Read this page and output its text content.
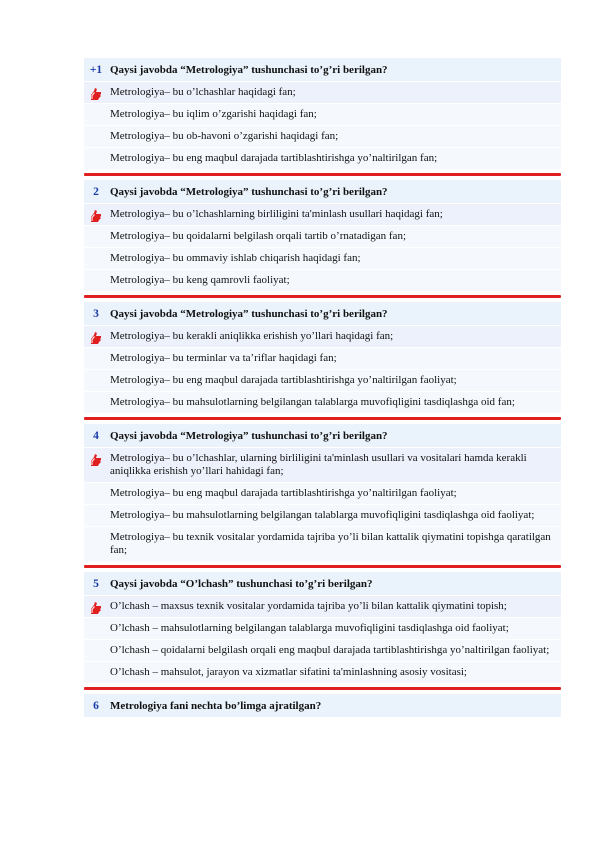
+1 Qaysi javobda “Metrologiya” tushunchasi to’g’ri berilgan?
Metrologiya– bu o’lchashlar haqidagi fan;
Metrologiya– bu iqlim o’zgarishi haqidagi fan;
Metrologiya– bu ob-havoni o’zgarishi haqidagi fan;
Metrologiya– bu eng maqbul darajada tartiblashtirishga yo’naltirilgan fan;
2	Qaysi javobda “Metrologiya” tushunchasi to’g’ri berilgan?
Metrologiya– bu o’lchashlarning birliligini ta'minlash usullari haqidagi fan;
Metrologiya– bu qoidalarni belgilash orqali tartib o’rnatadigan fan;
Metrologiya– bu ommaviy ishlab chiqarish haqidagi fan;
Metrologiya– bu keng qamrovli faoliyat;
3	Qaysi javobda “Metrologiya” tushunchasi to’g’ri berilgan?
Metrologiya– bu kerakli aniqlikka erishish yo’llari haqidagi fan;
Metrologiya– bu terminlar va ta’riflar haqidagi fan;
Metrologiya– bu eng maqbul darajada tartiblashtirishga yo’naltirilgan faoliyat;
Metrologiya– bu mahsulotlarning belgilangan talablarga muvofiqligini tasdiqlashga oid fan;
4	Qaysi javobda “Metrologiya” tushunchasi to’g’ri berilgan?
Metrologiya– bu o’lchashlar, ularning birliligini ta'minlash usullari va vositalari hamda kerakli aniqlikka erishish yo’llari hahidagi fan;
Metrologiya– bu eng maqbul darajada tartiblashtirishga yo’naltirilgan faoliyat;
Metrologiya– bu mahsulotlarning belgilangan talablarga muvofiqligini tasdiqlashga oid faoliyat;
Metrologiya– bu texnik vositalar yordamida tajriba yo’li bilan kattalik qiymatini topishga qaratilgan fan;
5	Qaysi javobda “O’lchash” tushunchasi to’g’ri berilgan?
O’lchash – maxsus texnik vositalar yordamida tajriba yo’li bilan kattalik qiymatini topish;
O’lchash – mahsulotlarning belgilangan talablarga muvofiqligini tasdiqlashga oid faoliyat;
O’lchash – qoidalarni belgilash orqali eng maqbul darajada tartiblashtirishga yo’naltirilgan faoliyat;
O’lchash – mahsulot, jarayon va xizmatlar sifatini ta'minlashning asosiy vositasi;
6	Metrologiya fani nechta bo’limga ajratilgan?
